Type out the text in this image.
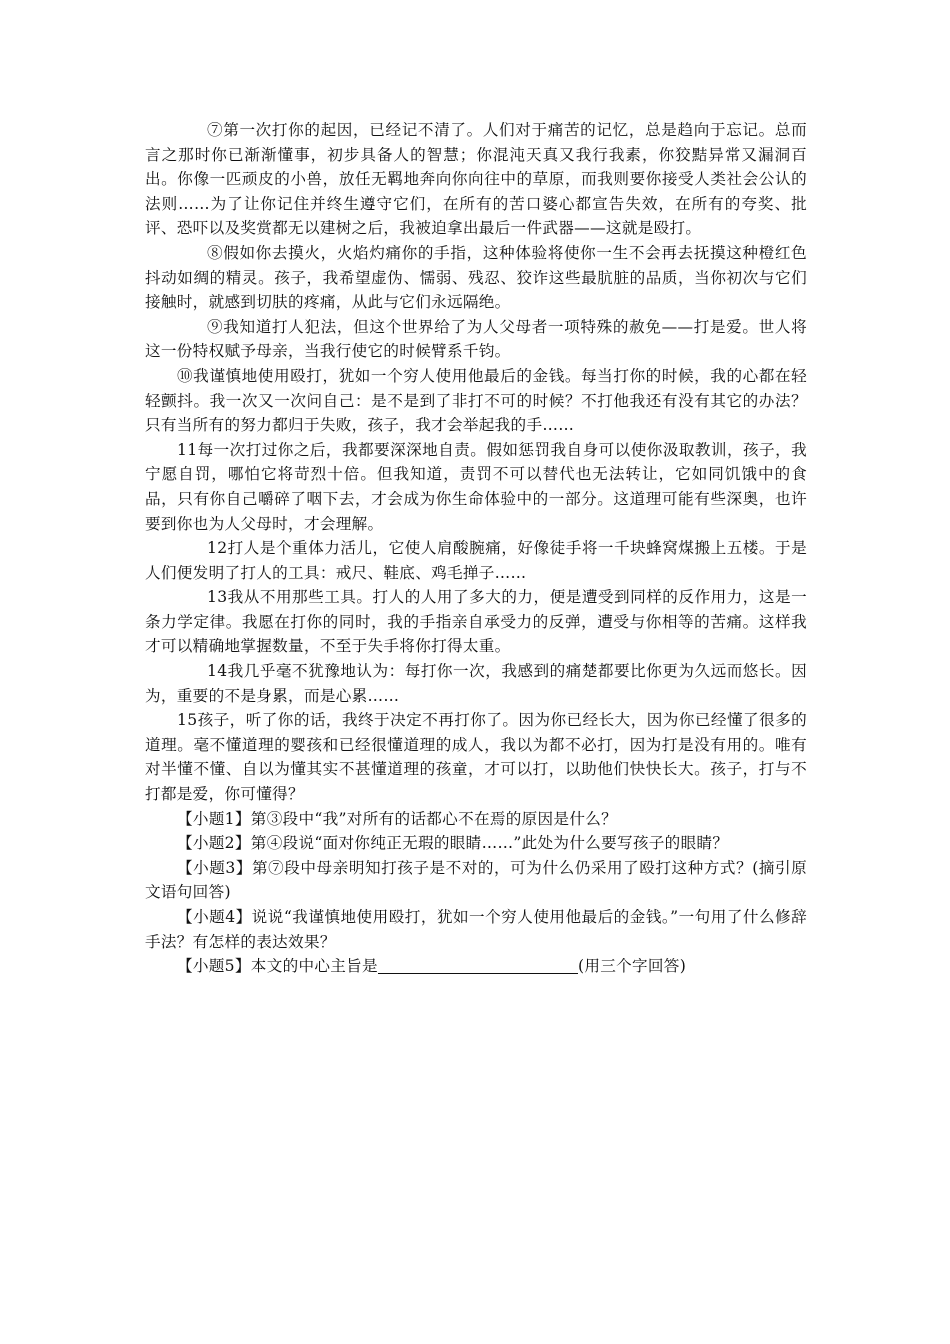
⑦第一次打你的起因，已经记不清了。人们对于痛苦的记忆，总是趋向于忘记。总而言之那时你已渐渐懂事，初步具备人的智慧；你混沌天真又我行我素，你狡黠异常又漏洞百出。你像一匹顽皮的小兽，放任无羁地奔向你向往中的草原，而我则要你接受人类社会公认的法则……为了让你记住并终生遵守它们，在所有的苦口婆心都宣告失效，在所有的夸奖、批评、恐吓以及奖赏都无以建树之后，我被迫拿出最后一件武器——这就是殴打。

⑧假如你去摸火，火焰灼痛你的手指，这种体验将使你一生不会再去抚摸这种橙红色抖动如绸的精灵。孩子，我希望虚伪、懦弱、残忍、狡诈这些最肮脏的品质，当你初次与它们接触时，就感到切肤的疼痛，从此与它们永远隔绝。

⑨我知道打人犯法，但这个世界给了为人父母者一项特殊的赦免——打是爱。世人将这一份特权赋予母亲，当我行使它的时候臂系千钧。

⑩我谨慎地使用殴打，犹如一个穷人使用他最后的金钱。每当打你的时候，我的心都在轻轻颤抖。我一次又一次问自己：是不是到了非打不可的时候？不打他我还有没有其它的办法？只有当所有的努力都归于失败，孩子，我才会举起我的手……

11每一次打过你之后，我都要深深地自责。假如惩罚我自身可以使你汲取教训，孩子，我宁愿自罚，哪怕它将苛烈十倍。但我知道，责罚不可以替代也无法转让，它如同饥饿中的食品，只有你自己嚼碎了咽下去，才会成为你生命体验中的一部分。这道理可能有些深奥，也许要到你也为人父母时，才会理解。

12打人是个重体力活儿，它使人肩酸腕痛，好像徒手将一千块蜂窝煤搬上五楼。于是人们便发明了打人的工具：戒尺、鞋底、鸡毛掸子……

13我从不用那些工具。打人的人用了多大的力，便是遭受到同样的反作用力，这是一条力学定律。我愿在打你的同时，我的手指亲自承受力的反弹，遭受与你相等的苦痛。这样我才可以精确地掌握数量，不至于失手将你打得太重。

14我几乎毫不犹豫地认为：每打你一次，我感到的痛楚都要比你更为久远而悠长。因为，重要的不是身累，而是心累……

15孩子，听了你的话，我终于决定不再打你了。因为你已经长大，因为你已经懂了很多的道理。毫不懂道理的婴孩和已经很懂道理的成人，我以为都不必打，因为打是没有用的。唯有对半懂不懂、自以为懂其实不甚懂道理的孩童，才可以打，以助他们快快长大。孩子，打与不打都是爱，你可懂得？

【小题1】第③段中“我”对所有的话都心不在焉的原因是什么？

【小题2】第④段说“面对你纯正无瑕的眼睛……”此处为什么要写孩子的眼睛？

【小题3】第⑦段中母亲明知打孩子是不对的，可为什么仍采用了殴打这种方式？(摘引原文语句回答)

【小题4】说说“我谨慎地使用殴打，犹如一个穷人使用他最后的金钱。”一句用了什么修辞手法？有怎样的表达效果？

【小题5】本文的中心主旨是	(用三个字回答)
